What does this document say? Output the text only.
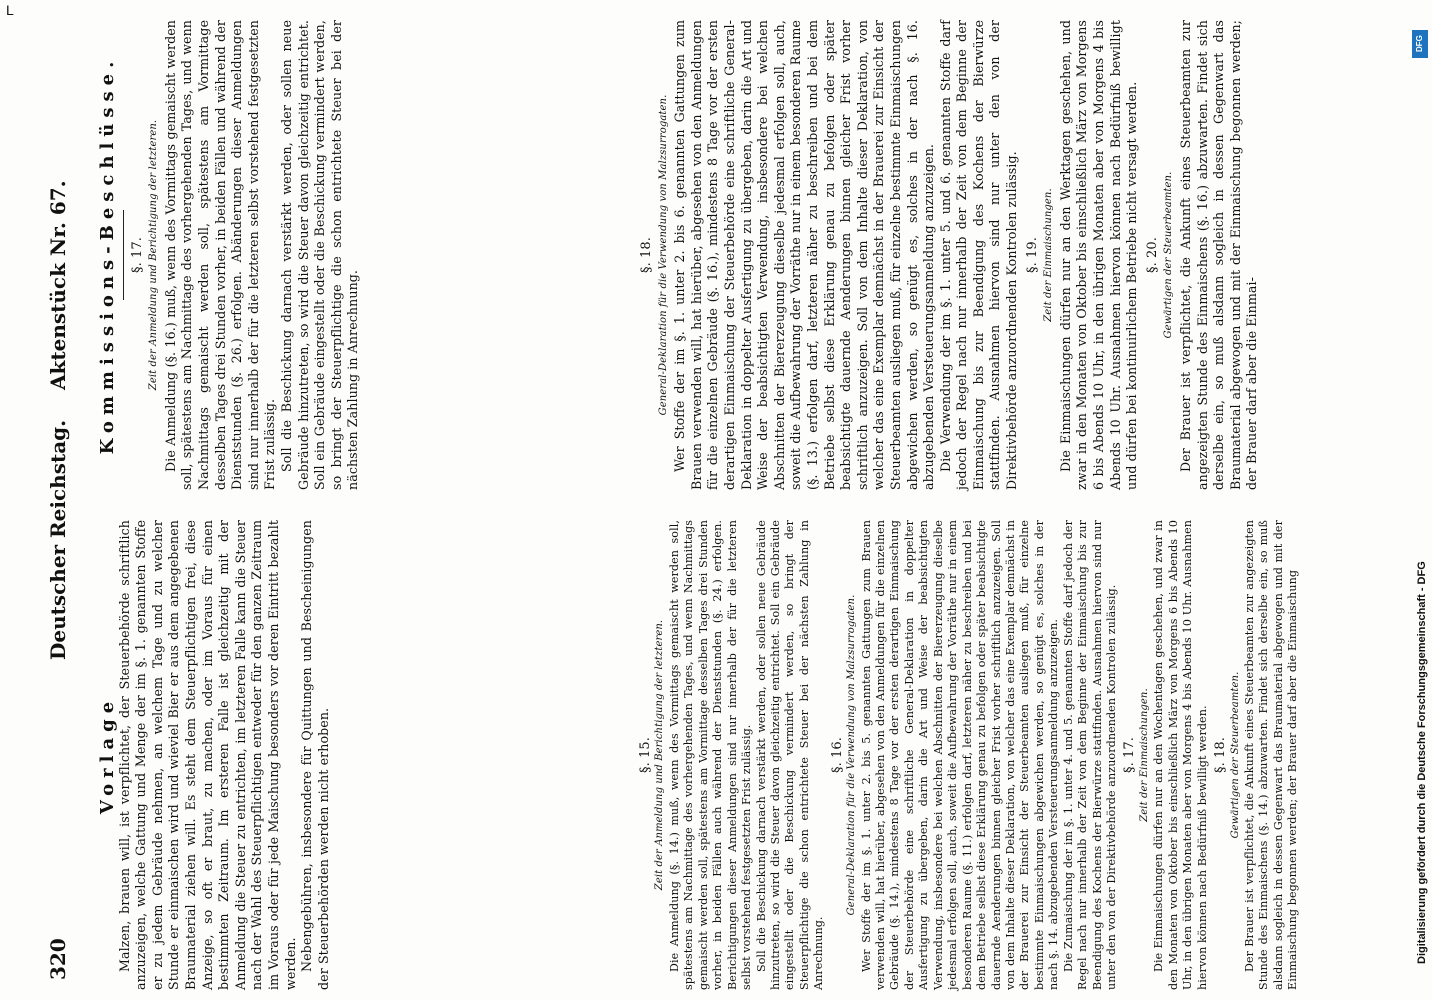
L
320
Deutscher Reichstag.
Aktenstück Nr. 67.
Vorlage

Malzen, brauen will, ist verpflichtet, der Steuerbehörde schriftlich anzuzeigen, welche Gattung und Menge der im §. 1. genannten Stoffe er zu jedem Gebräude nehmen, an welchem Tage und zu welcher Stunde er einmaischen wird und wieviel Bier er aus dem angegebenen Braumaterial ziehen will. Es steht dem Steuerpflichtigen frei, diese Anzeige, so oft er braut, zu machen, oder im Voraus für einen bestimmten Zeitraum. Im ersteren Falle ist gleichzeitig mit der Anmeldung die Steuer zu entrichten, im letzteren Falle kann die Steuer nach der Wahl des Steuerpflichtigen entweder für den ganzen Zeitraum im Voraus oder für jede Maischung besonders vor deren Eintritt bezahlt werden. Nebengebühren, insbesondere für Quittungen und Bescheinigungen der Steuerbehörden werden nicht erhoben.	§. 15. Zeit der Anmeldung und Berichtigung der letzteren. Die Anmeldung (§. 14.) muß, wenn des Vormittags gemaischt werden soll, spätestens am Nachmittage des vorhergehenden Tages, und wenn Nachmittags gemaischt werden soll, spätestens am Vormittage desselben Tages drei Stunden vorher, in beiden Fällen auch während der Dienststunden (§. 24.) erfolgen. Berichtigungen dieser Anmeldungen sind nur innerhalb der für die letzteren selbst vorstehend festgesetzten Frist zulässig. Soll die Beschickung darnach verstärkt werden, oder sollen neue Gebräude hinzutreten, so wird die Steuer davon gleichzeitig entrichtet. Soll ein Gebräude eingestellt oder die Beschickung vermindert werden, so bringt der Steuerpflichtige die schon entrichtete Steuer bei der nächsten Zahlung in Anrechnung.

§. 16. General-Deklaration für die Verwendung von Malzsurrogaten. Wer Stoffe der im §. 1. unter 2. bis 5. genannten Gattungen zum Brauen verwenden will, hat hierüber, abgesehen von den Anmeldungen für die einzelnen Gebräude (§. 14.), mindestens 8 Tage vor der ersten derartigen Einmaischung der Steuerbehörde eine schriftliche General-Deklaration in doppelter Ausfertigung zu übergeben, darin die Art und Weise der beabsichtigten Verwendung, insbesondere bei welchen Abschnitten der Biererzeugung dieselbe jedesmal erfolgen soll, auch, soweit die Aufbewahrung der Vorräthe nur in einem besonderen Raume (§. 11.) erfolgen darf, letzteren näher zu beschreiben und bei dem Betriebe selbst diese Erklärung genau zu befolgen oder später beabsichtigte dauernde Aenderungen binnen gleicher Frist vorher schriftlich anzuzeigen. Soll von dem Inhalte dieser Deklaration, von welcher das eine Exemplar demnächst in der Brauerei zur Einsicht der Steuerbeamten ausliegen muß, für einzelne bestimmte Einmaischungen abgewichen werden, so genügt es, solches in der nach §. 14. abzugebenden Versteuerungsanmeldung anzuzeigen. Die Zumaischung der im §. 1. unter 4. und 5. genannten Stoffe darf jedoch der Regel nach nur innerhalb der Zeit von dem Beginne der Einmaischung bis zur Beendigung des Kochens der Bierwürze stattfinden. Ausnahmen hiervon sind nur unter den von der Direktivbehörde anzuordnenden Kontrolen zulässig. §. 17. Zeit der Einmaischungen. Die Einmaischungen dürfen nur an den Wochentagen geschehen, und zwar in den Monaten von Oktober bis einschließlich März von Morgens 6 bis Abends 10 Uhr, in den übrigen Monaten aber von Morgens 4 bis Abends 10 Uhr. Ausnahmen hiervon können nach Bedürfniß bewilligt werden. §. 18. Gewärtigen der Steuerbeamten. Der Brauer ist verpflichtet, die Ankunft eines Steuerbeamten zur angezeigten Stunde des Einmaischens (§. 14.) abzuwarten. Findet sich derselbe ein, so muß alsdann sogleich in dessen Gegenwart das Braumaterial abgewogen und mit der Einmaischung begonnen werden; der Brauer darf aber die Einmaischung

Kommissions-Beschlüsse. §. 17. Zeit der Anmeldung und Berichtigung der letzteren. Die Anmeldung (§. 16.) muß, wenn des Vormittags gemaischt werden soll, spätestens am Nachmittage des vorhergehenden Tages, und wenn Nachmittags gemaischt werden soll, spätestens am Vormittage desselben Tages drei Stunden vorher, in beiden Fällen und während der Dienststunden (§. 26.) erfolgen. Abänderungen dieser Anmeldungen sind nur innerhalb der für die letzteren selbst vorstehend festgesetzten Frist zulässig. Soll die Beschickung darnach verstärkt werden, oder sollen neue Gebräude hinzutreten, so wird die Steuer davon gleichzeitig entrichtet. Soll ein Gebräude eingestellt oder die Beschickung vermindert werden, so bringt der Steuerpflichtige die schon entrichtete Steuer bei der nächsten Zahlung in Anrechnung.

§. 18. General-Deklaration für die Verwendung von Malzsurrogaten. Wer Stoffe der im §. 1. unter 2. bis 6. genannten Gattungen zum Brauen verwenden will, hat hierüber, abgesehen von den Anmeldungen für die einzelnen Gebräude (§. 16.), mindestens 8 Tage vor der ersten derartigen Einmaischung der Steuerbehörde eine schriftliche General-Deklaration in doppelter Ausfertigung zu übergeben, darin die Art und Weise der beabsichtigten Verwendung, insbesondere bei welchen Abschnitten der Biererzeugung dieselbe jedesmal erfolgen soll, auch, soweit die Aufbewahrung der Vorräthe nur in einem besonderen Raume (§. 13.) erfolgen darf, letzteren näher zu beschreiben und bei dem Betriebe selbst diese Erklärung genau zu befolgen oder später beabsichtigte dauernde Aenderungen binnen gleicher Frist vorher schriftlich anzuzeigen. Soll von dem Inhalte dieser Deklaration, von welcher das eine Exemplar demnächst in der Brauerei zur Einsicht der Steuerbeamten ausliegen muß, für einzelne bestimmte Einmaischungen abgewichen werden, so genügt es, solches in der nach §. 16. abzugebenden Versteuerungsanmeldung anzuzeigen. Die Verwendung der im §. 1. unter 5. und 6. genannten Stoffe darf jedoch der Regel nach nur innerhalb der Zeit von dem Beginne der Einmaischung bis zur Beendigung des Kochens der Bierwürze stattfinden. Ausnahmen hiervon sind nur unter den von der Direktivbehörde anzuordnenden Kontrolen zulässig. §. 19. Zeit der Einmaischungen. Die Einmaischungen dürfen nur an den Werktagen geschehen, und zwar in den Monaten von Oktober bis einschließlich März von Morgens 6 bis Abends 10 Uhr, in den übrigen Monaten aber von Morgens 4 bis Abends 10 Uhr. Ausnahmen hiervon können nach Bedürfniß bewilligt und dürfen bei kontinuirlichem Betriebe nicht versagt werden. §. 20. Gewärtigen der Steuerbeamten. Der Brauer ist verpflichtet, die Ankunft eines Steuerbeamten zur angezeigten Stunde des Einmaischens (§. 16.) abzuwarten. Findet sich derselbe ein, so muß alsdann sogleich in dessen Gegenwart das Braumaterial abgewogen und mit der Einmaischung begonnen werden; der Brauer darf aber die Einmai-

DFG
Digitalisierung gefördert durch die Deutsche Forschungsgemeinschaft - DFG
